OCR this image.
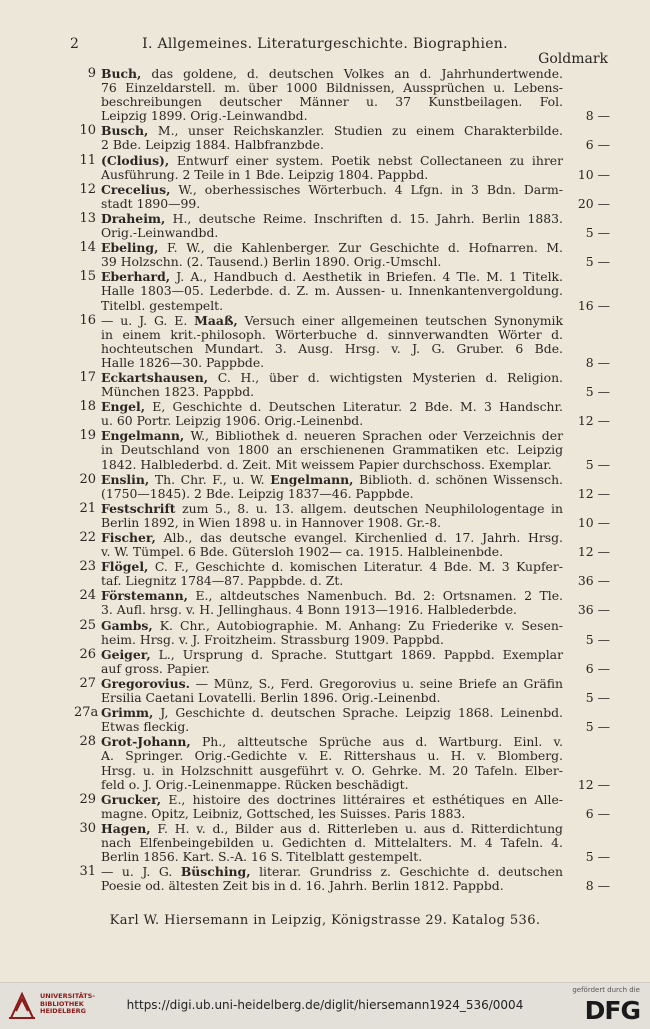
2	I. Allgemeines. Literaturgeschichte. Biographien.
Goldmark
9 Buch, das goldene, d. deutschen Volkes an d. Jahrhundertwende.
76 Einzeldarstell. m. über 1000 Bildnissen, Aussprüchen u. Lebens-
beschreibungen deutscher Männer u. 37 Kunstbeilagen. Fol.
Leipzig 1899. Orig.-Leinwandbd.	8 —
10 Busch, M., unser Reichskanzler. Studien zu einem Charakterbilde.
2 Bde. Leipzig 1884. Halbfranzbde.	6 —
11 (Clodius), Entwurf einer system. Poetik nebst Collectaneen zu ihrer
Ausführung. 2 Teile in 1 Bde. Leipzig 1804. Pappbd.	10 —
12 Crecelius, W., oberhessisches Wörterbuch. 4 Lfgn. in 3 Bdn. Darm-
stadt 1890—99.	20 —
13 Draheim, H., deutsche Reime. Inschriften d. 15. Jahrh. Berlin 1883.
Orig.-Leinwandbd.	5 —
14 Ebeling, F. W., die Kahlenberger. Zur Geschichte d. Hofnarren. M.
39 Holzschn. (2. Tausend.) Berlin 1890. Orig.-Umschl.	5 —
15 Eberhard, J. A., Handbuch d. Aesthetik in Briefen. 4 Tle. M. 1 Titelk.
Halle 1803—05. Lederbde. d. Z. m. Aussen- u. Innenkantenvergoldung.
Titelbl. gestempelt.	16 —
16 — u. J. G. E. Maaß, Versuch einer allgemeinen teutschen Synonymik
in einem krit.-philosoph. Wörterbuche d. sinnverwandten Wörter d.
hochteutschen Mundart. 3. Ausg. Hrsg. v. J. G. Gruber. 6 Bde.
Halle 1826—30. Pappbde.	8 —
17 Eckartshausen, C. H., über d. wichtigsten Mysterien d. Religion.
München 1823. Pappbd.	5 —
18 Engel, E, Geschichte d. Deutschen Literatur. 2 Bde. M. 3 Handschr.
u. 60 Portr. Leipzig 1906. Orig.-Leinenbd.	12 —
19 Engelmann, W., Bibliothek d. neueren Sprachen oder Verzeichnis der
in Deutschland von 1800 an erschienenen Grammatiken etc. Leipzig
1842. Halblederbd. d. Zeit. Mit weissem Papier durchschoss. Exemplar.	5 —
20 Enslin, Th. Chr. F., u. W. Engelmann, Biblioth. d. schönen Wissensch.
(1750—1845). 2 Bde. Leipzig 1837—46. Pappbde.	12 —
21 Festschrift zum 5., 8. u. 13. allgem. deutschen Neuphilologentage in
Berlin 1892, in Wien 1898 u. in Hannover 1908. Gr.-8.	10 —
22 Fischer, Alb., das deutsche evangel. Kirchenlied d. 17. Jahrh. Hrsg.
v. W. Tümpel. 6 Bde. Gütersloh 1902— ca. 1915. Halbleinenbde.	12 —
23 Flögel, C. F., Geschichte d. komischen Literatur. 4 Bde. M. 3 Kupfer-
taf. Liegnitz 1784—87. Pappbde. d. Zt.	36 —
24 Förstemann, E., altdeutsches Namenbuch. Bd. 2: Ortsnamen. 2 Tle.
3. Aufl. hrsg. v. H. Jellinghaus. 4 Bonn 1913—1916. Halblederbde.	36 —
25 Gambs, K. Chr., Autobiographie. M. Anhang: Zu Friederike v. Sesen-
heim. Hrsg. v. J. Froitzheim. Strassburg 1909. Pappbd.	5 —
26 Geiger, L., Ursprung d. Sprache. Stuttgart 1869. Pappbd. Exemplar
auf gross. Papier.	6 —
27 Gregorovius. — Münz, S., Ferd. Gregorovius u. seine Briefe an Gräfin
Ersilia Caetani Lovatelli. Berlin 1896. Orig.-Leinenbd.	5 —
27a Grimm, J, Geschichte d. deutschen Sprache. Leipzig 1868. Leinenbd.
Etwas fleckig.	5 —
28 Grot-Johann, Ph., altteutsche Sprüche aus d. Wartburg. Einl. v.
A. Springer. Orig.-Gedichte v. E. Rittershaus u. H. v. Blomberg.
Hrsg. u. in Holzschnitt ausgeführt v. O. Gehrke. M. 20 Tafeln. Elber-
feld o. J. Orig.-Leinenmappe. Rücken beschädigt.	12 —
29 Grucker, E., histoire des doctrines littéraires et esthétiques en Alle-
magne. Opitz, Leibniz, Gottsched, les Suisses. Paris 1883.	6 —
30 Hagen, F. H. v. d., Bilder aus d. Ritterleben u. aus d. Ritterdichtung
nach Elfenbeingebilden u. Gedichten d. Mittelalters. M. 4 Tafeln. 4.
Berlin 1856. Kart. S.-A. 16 S. Titelblatt gestempelt.	5 —
31 — u. J. G. Büsching, literar. Grundriss z. Geschichte d. deutschen
Poesie od. ältesten Zeit bis in d. 16. Jahrh. Berlin 1812. Pappbd.	8 —
Karl W. Hiersemann in Leipzig, Königstrasse 29. Katalog 536.
UNIVERSITÄTS-
BIBLIOTHEK
HEIDELBERG	https://digi.ub.uni-heidelberg.de/diglit/hiersemann1924_536/0004
gefördert durch die
DFG
